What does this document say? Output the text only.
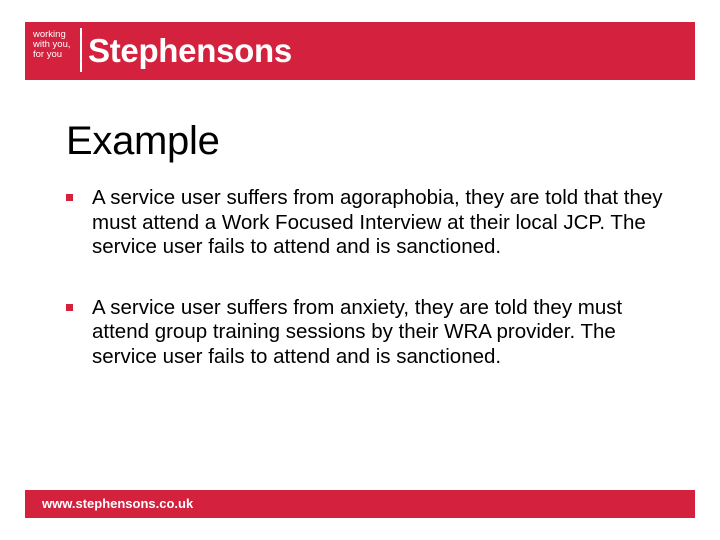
working
with you,
for you Stephensons
Example
A service user suffers from agoraphobia, they are told that they must attend a Work Focused Interview at their local JCP. The service user fails to attend and is sanctioned.
A service user suffers from anxiety, they are told they must attend group training sessions by their WRA provider. The service user fails to attend and is sanctioned.
www.stephensons.co.uk
